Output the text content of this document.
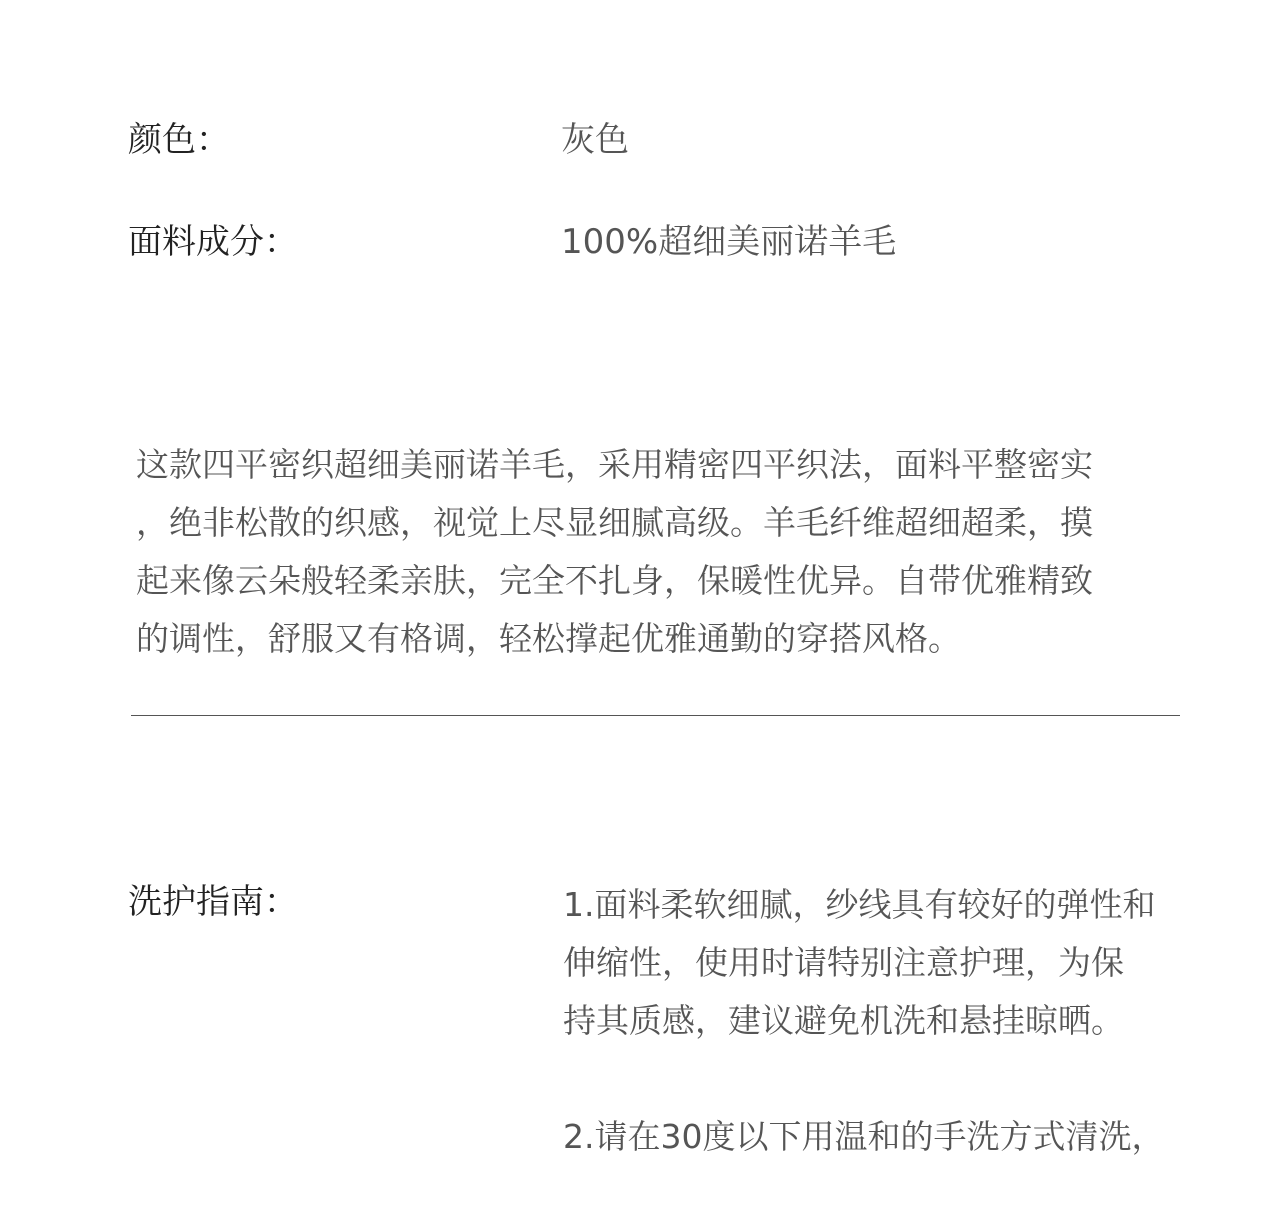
颜色：	灰色
面料成分：	100%超细美丽诺羊毛
这款四平密织超细美丽诺羊毛，采用精密四平织法，面料平整密实
，绝非松散的织感，视觉上尽显细腻高级。羊毛纤维超细超柔，摸
起来像云朵般轻柔亲肤，完全不扎身，保暖性优异。自带优雅精致
的调性，舒服又有格调，轻松撑起优雅通勤的穿搭风格。
洗护指南：	1.面料柔软细腻，纱线具有较好的弹性和
伸缩性，使用时请特别注意护理，为保
持其质感，建议避免机洗和悬挂晾晒。
2.请在30度以下用温和的手洗方式清洗，
